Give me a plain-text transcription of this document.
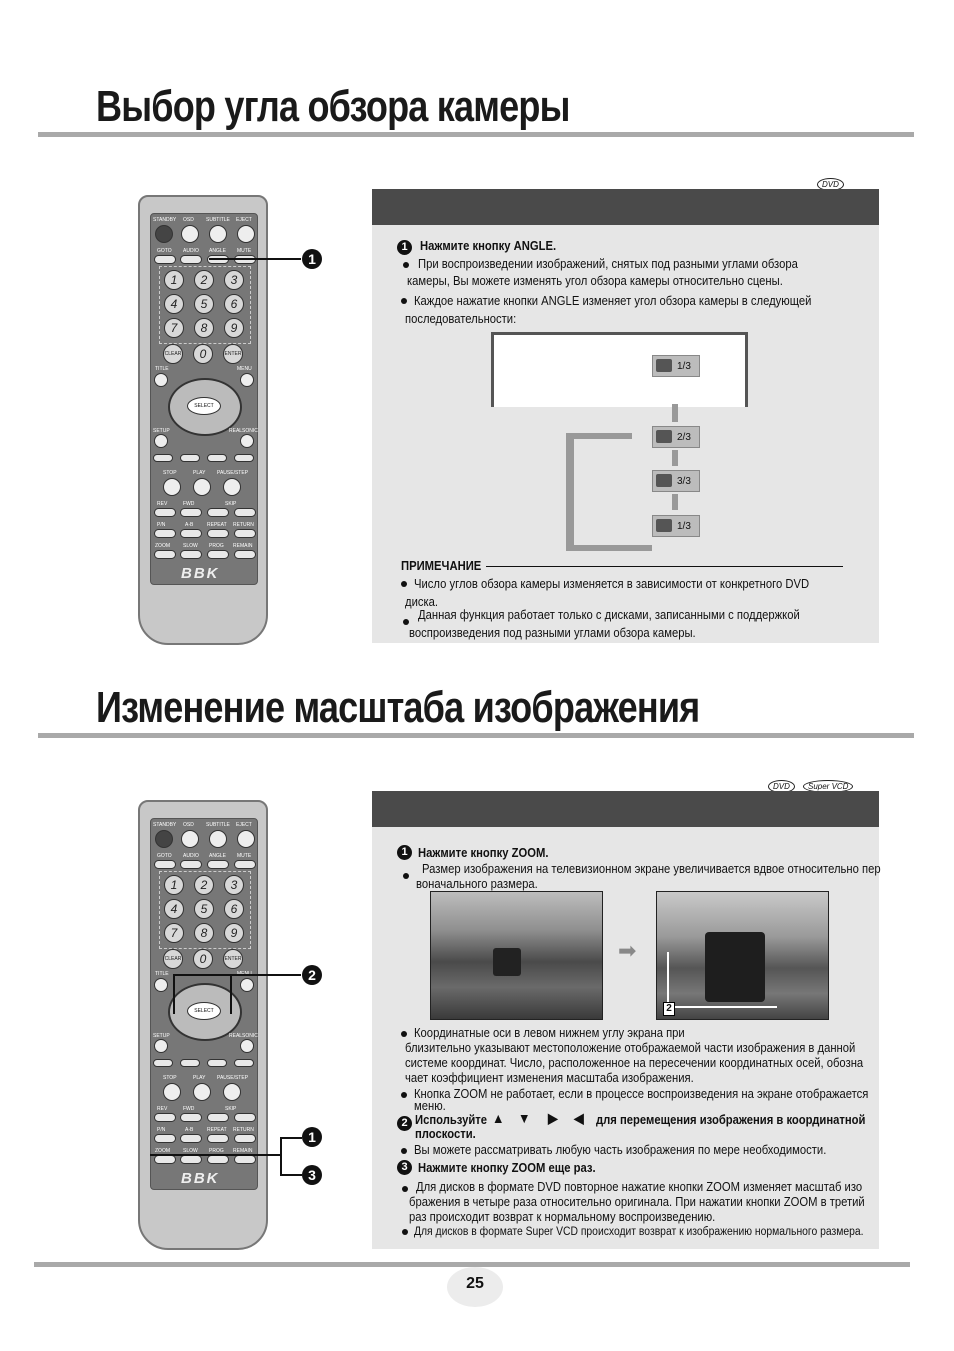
Выбор угла обзора камеры
STANDBY OSD SUBTITLE EJECT
GOTO AUDIO ANGLE MUTE
1	2	3
4	5	6
7	8	9
CLEAR	0	ENTER
TITLE	MENU
SELECT
SETUP	REALSONIC
STOP	PLAY PAUSE/STEP
REV	FWD	SKIP
P/N	A-B	REPEAT RETURN
ZOOM	SLOW PROG REMAIN
BBK
1
DVD
1 Нажмите кнопку ANGLE.
При воспроизведении изображений, снятых под разными углами обзора
камеры, Вы можете изменять угол обзора камеры относительно сцены.
Каждое нажатие кнопки ANGLE изменяет угол обзора камеры в следующей
последовательности:
1/3
2/3
3/3
1/3
ПРИМЕЧАНИЕ
Число углов обзора камеры изменяется в зависимости от конкретного DVD
диска.
Данная функция работает только с дисками, записанными с поддержкой
воспроизведения под разными углами обзора камеры.
Изменение масштаба изображения
STANDBY OSD SUBTITLE EJECT
GOTO AUDIO ANGLE MUTE
1	2	3
4	5	6
7	8	9
CLEAR	0	ENTER
TITLE
SELECT
SETUP	REALSONIC
STOP	PLAY PAUSE/STEP
REV	FWD	SKIP
P/N	A-B	REPEAT RETURN
ZOOM	SLOW PROG REMAIN
BBK
2
1
3
DVD	Super VCD
1 Нажмите кнопку ZOOM.
Размер изображения на телевизионном экране увеличивается вдвое относительно пер
воначального размера.
➡
2
Координатные оси в левом нижнем углу экрана при
близительно указывают местоположение отображаемой части изображения в данной
системе координат. Число, расположенное на пересечении координатных осей, обозна
чает коэффициент изменения масштаба изображения.
Кнопка ZOOM не работает, если в процессе воспроизведения на экране отображается
меню.
2 Используйте ▲ ▼ ▶ ◀ для перемещения изображения в координатной
плоскости.
Вы можете рассматривать любую часть изображения по мере необходимости.
3 Нажмите кнопку ZOOM еще раз.
Для дисков в формате DVD повторное нажатие кнопки ZOOM изменяет масштаб изо
бражения в четыре раза относительно оригинала. При нажатии кнопки ZOOM в третий
раз происходит возврат к нормальному воспроизведению.
Для дисков в формате Super VCD происходит возврат к изображению нормального размера.
25
